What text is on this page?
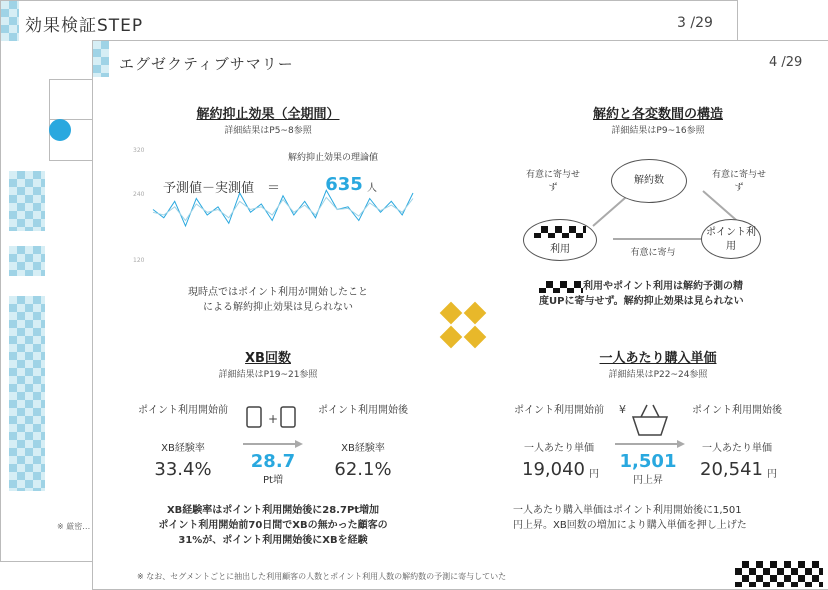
効果検証STEP	3 /29
※ 厳密…
エグゼクティブサマリー	4 /29
解約抑止効果（全期間）
詳細結果はP5~8参照
解約抑止効果の理論値
320
240
120
予測値－実測値　＝	635 人
現時点ではポイント利用が開始したこと
による解約抑止効果は見られない
解約と各変数間の構造
詳細結果はP9~16参照
解約数
利用
ポイント利用
有意に寄与せず
有意に寄与せず
有意に寄与
利用やポイント利用は解約予測の精
度UPに寄与せず。解約抑止効果は見られない
XB回数
詳細結果はP19~21参照
ポイント利用開始前	ポイント利用開始後
XB経験率	XB経験率
33.4%	62.1%
+
28.7
Pt増
XB経験率はポイント利用開始後に28.7Pt増加
ポイント利用開始前70日間でXBの無かった顧客の
31%が、ポイント利用開始後にXBを経験
一人あたり購入単価
詳細結果はP22~24参照
ポイント利用開始前	ポイント利用開始後
一人あたり単価	一人あたり単価
19,040 円	20,541 円
¥
1,501
円上昇
一人あたり購入単価はポイント利用開始後に1,501
円上昇。XB回数の増加により購入単価を押し上げた
※ なお、セグメントごとに抽出した利用顧客の人数とポイント利用人数の解約数の予測に寄与していた
